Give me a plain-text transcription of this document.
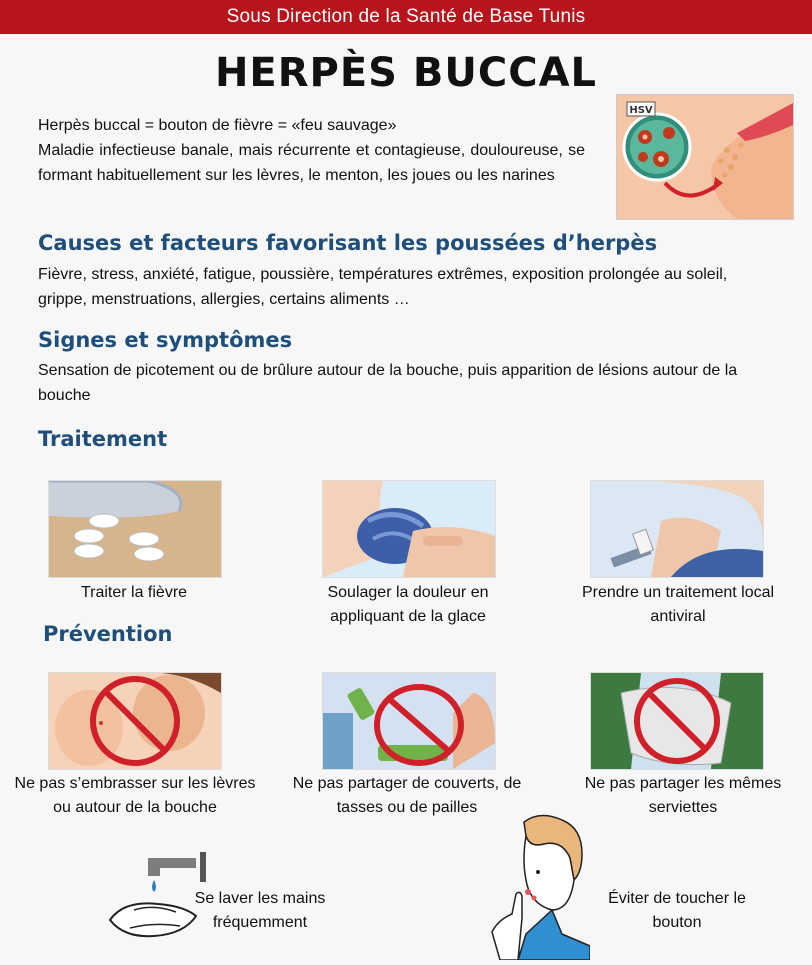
Sous Direction de la Santé de Base Tunis
HERPÈS BUCCAL
Herpès buccal = bouton de fièvre = «feu sauvage»
Maladie infectieuse banale, mais récurrente et contagieuse, douloureuse, se formant habituellement sur les lèvres, le menton, les joues ou les narines
HSV
Causes et facteurs favorisant les poussées d’herpès
Fièvre, stress, anxiété, fatigue, poussière, températures extrêmes, exposition prolongée au soleil, grippe, menstruations, allergies, certains aliments …
Signes et symptômes
Sensation de picotement ou de brûlure autour de la bouche, puis apparition de lésions autour de la bouche
Traitement
Traiter la fièvre	Soulager la douleur en appliquant de la glace
Prendre un traitement local antiviral
Prévention
Ne pas s’embrasser sur les lèvres ou autour de la bouche
Ne pas partager de couverts, de tasses ou de pailles
Ne pas partager les mêmes serviettes
Se laver les mains fréquemment
Éviter de toucher le bouton
